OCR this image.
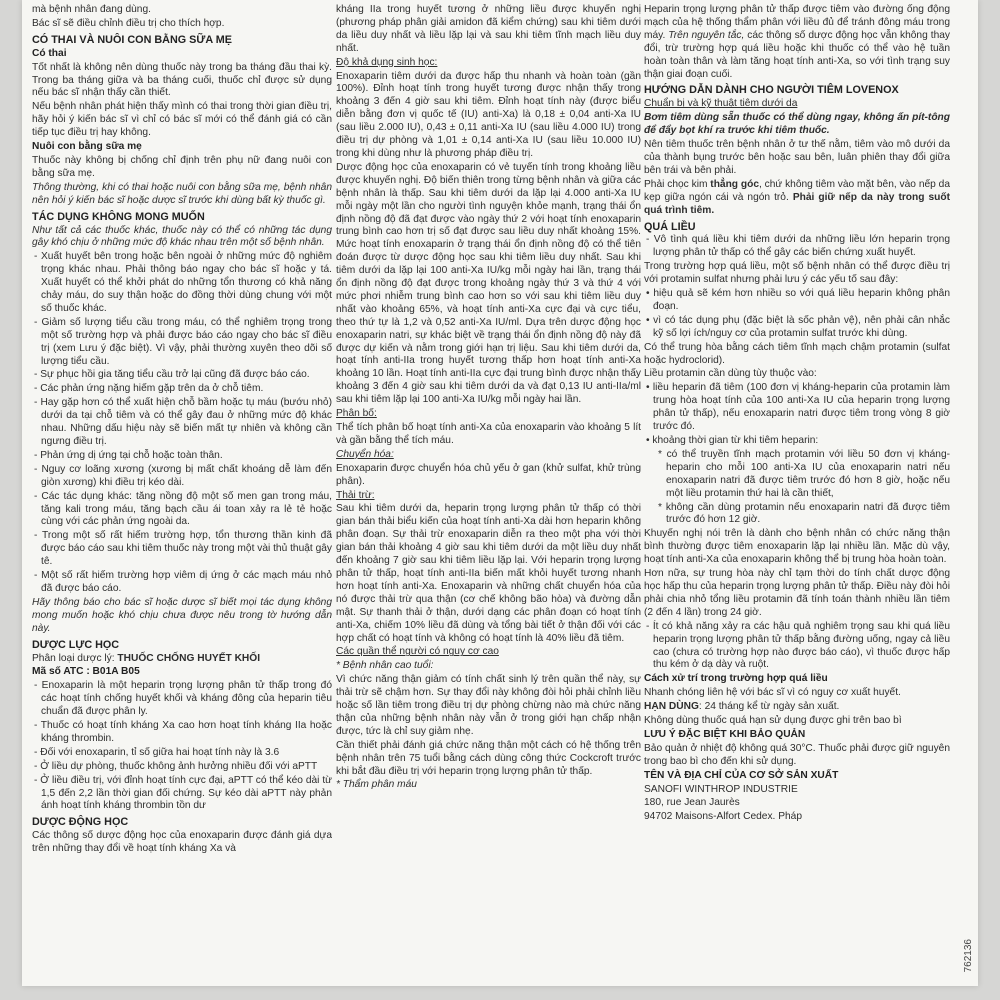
mà bệnh nhân đang dùng.
Bác sĩ sẽ điều chỉnh điều trị cho thích hợp.
CÓ THAI VÀ NUÔI CON BẰNG SỮA MẸ
Có thai
Tốt nhất là không nên dùng thuốc này trong ba tháng đầu thai kỳ. Trong ba tháng giữa và ba tháng cuối, thuốc chỉ được sử dụng nếu bác sĩ nhận thấy cần thiết.
Nếu bệnh nhân phát hiện thấy mình có thai trong thời gian điều trị, hãy hỏi ý kiến bác sĩ vì chỉ có bác sĩ mới có thể đánh giá có cần tiếp tục điều trị hay không.
Nuôi con bằng sữa mẹ
Thuốc này không bị chống chỉ định trên phụ nữ đang nuôi con bằng sữa mẹ.
Thông thường, khi có thai hoặc nuôi con bằng sữa mẹ, bệnh nhân nên hỏi ý kiến bác sĩ hoặc dược sĩ trước khi dùng bất kỳ thuốc gì.
TÁC DỤNG KHÔNG MONG MUỐN
Như tất cả các thuốc khác, thuốc này có thể có những tác dụng gây khó chịu ở những mức độ khác nhau trên một số bệnh nhân.
- Xuất huyết bên trong hoặc bên ngoài ở những mức độ nghiêm trọng khác nhau. Phải thông báo ngay cho bác sĩ hoặc y tá. Xuất huyết có thể khởi phát do những tổn thương có khả năng chảy máu, do suy thận hoặc do đồng thời dùng chung với một số thuốc khác.
- Giảm số lượng tiểu cầu trong máu, có thể nghiêm trọng trong một số trường hợp và phải được báo cáo ngay cho bác sĩ điều trị (xem Lưu ý đặc biệt). Vì vậy, phải thường xuyên theo dõi số lượng tiểu cầu.
- Sự phục hồi gia tăng tiểu cầu trở lại cũng đã được báo cáo.
- Các phản ứng nặng hiếm gặp trên da ở chỗ tiêm.
- Hay gặp hơn có thể xuất hiện chỗ bầm hoặc tụ máu (bướu nhỏ) dưới da tại chỗ tiêm và có thể gây đau ở những mức độ khác nhau. Những dấu hiệu này sẽ biến mất tự nhiên và không cần ngưng điều trị.
- Phản ứng dị ứng tại chỗ hoặc toàn thân.
- Nguy cơ loãng xương (xương bị mất chất khoáng dễ làm đến giòn xương) khi điều trị kéo dài.
- Các tác dụng khác: tăng nồng độ một số men gan trong máu, tăng kali trong máu, tăng bạch cầu ái toan xảy ra lẻ tẻ hoặc cùng với các phản ứng ngoài da.
- Trong một số rất hiếm trường hợp, tổn thương thần kinh đã được báo cáo sau khi tiêm thuốc này trong một vài thủ thuật gây tê.
- Một số rất hiếm trường hợp viêm dị ứng ở các mạch máu nhỏ đã được báo cáo.
Hãy thông báo cho bác sĩ hoặc dược sĩ biết mọi tác dụng không mong muốn hoặc khó chịu chưa được nêu trong tờ hướng dẫn này.
DƯỢC LỰC HỌC
Phân loại dược lý: THUỐC CHỐNG HUYẾT KHỐI
Mã số ATC : B01A B05
- Enoxaparin là một heparin trọng lượng phân tử thấp trong đó các hoạt tính chống huyết khối và kháng đông của heparin tiêu chuẩn đã được phân ly.
- Thuốc có hoạt tính kháng Xa cao hơn hoạt tính kháng IIa hoặc kháng thrombin.
- Đối với enoxaparin, tỉ số giữa hai hoạt tính này là 3.6
- Ở liều dự phòng, thuốc không ảnh hưởng nhiều đối với aPTT
- Ở liều điều trị, với đỉnh hoạt tính cực đại, aPTT có thể kéo dài từ 1,5 đến 2,2 lần thời gian đối chứng. Sự kéo dài aPTT này phản ánh hoạt tính kháng thrombin tồn dư
DƯỢC ĐỘNG HỌC
Các thông số dược động học của enoxaparin được đánh giá dựa trên những thay đổi về hoạt tính kháng Xa và
kháng IIa trong huyết tương ở những liều được khuyến nghị (phương pháp phân giải amidon đã kiểm chứng) sau khi tiêm dưới da liều duy nhất và liều lặp lại và sau khi tiêm tĩnh mạch liều duy nhất.
Độ khả dụng sinh học:
Enoxaparin tiêm dưới da được hấp thu nhanh và hoàn toàn (gần 100%). Đỉnh hoạt tính trong huyết tương được nhận thấy trong khoảng 3 đến 4 giờ sau khi tiêm. Đỉnh hoạt tính này (được biểu diễn bằng đơn vị quốc tế (IU) anti-Xa) là 0,18 ± 0,04 anti-Xa IU (sau liều 2.000 IU), 0,43 ± 0,11 anti-Xa IU (sau liều 4.000 IU) trong điều trị dự phòng và 1,01 ± 0,14 anti-Xa IU (sau liều 10.000 IU) trong khi dùng như là phương pháp điều trị.
Dược động học của enoxaparin có vẻ tuyến tính trong khoảng liều được khuyến nghị. Độ biến thiên trong từng bệnh nhân và giữa các bệnh nhân là thấp. Sau khi tiêm dưới da lặp lại 4.000 anti-Xa IU mỗi ngày một lần cho người tình nguyện khỏe mạnh, trạng thái ổn định nồng độ đã đạt được vào ngày thứ 2 với hoạt tính enoxaparin trung bình cao hơn trị số đạt được sau liều duy nhất khoảng 15%. Mức hoạt tính enoxaparin ở trạng thái ổn định nồng độ có thể tiên đoán được từ dược động học sau khi tiêm liều duy nhất. Sau khi tiêm dưới da lặp lại 100 anti-Xa IU/kg mỗi ngày hai lần, trạng thái ổn định nồng độ đạt được trong khoảng ngày thứ 3 và thứ 4 với mức phơi nhiễm trung bình cao hơn so với sau khi tiêm liều duy nhất vào khoảng 65%, và hoạt tính anti-Xa cực đại và cực tiểu, theo thứ tự là 1,2 và 0,52 anti-Xa IU/ml. Dựa trên dược động học enoxaparin natri, sự khác biệt về trạng thái ổn định nồng độ này đã được dự kiến và nằm trong giới hạn trị liệu. Sau khi tiêm dưới da, hoạt tính anti-IIa trong huyết tương thấp hơn hoạt tính anti-Xa khoảng 10 lần. Hoạt tính anti-IIa cực đại trung bình được nhận thấy khoảng 3 đến 4 giờ sau khi tiêm dưới da và đạt 0,13 IU anti-IIa/ml sau khi tiêm lặp lại 100 anti-Xa IU/kg mỗi ngày hai lần.
Phân bố:
Thể tích phân bố hoạt tính anti-Xa của enoxaparin vào khoảng 5 lít và gần bằng thể tích máu.
Chuyển hóa:
Enoxaparin được chuyển hóa chủ yếu ở gan (khử sulfat, khử trùng phân).
Thải trừ:
Sau khi tiêm dưới da, heparin trọng lượng phân tử thấp có thời gian bán thải biểu kiến của hoạt tính anti-Xa dài hơn heparin không phân đoạn. Sự thải trừ enoxaparin diễn ra theo một pha với thời gian bán thải khoảng 4 giờ sau khi tiêm dưới da một liều duy nhất đến khoảng 7 giờ sau khi tiêm liều lặp lại. Với heparin trọng lượng phân tử thấp, hoạt tính anti-IIa biến mất khỏi huyết tương nhanh hơn hoạt tính anti-Xa. Enoxaparin và những chất chuyển hóa của nó được thải trừ qua thận (cơ chế không bão hòa) và đường dẫn mật. Sự thanh thải ở thận, dưới dạng các phân đoạn có hoạt tính anti-Xa, chiếm 10% liều đã dùng và tổng bài tiết ở thận đối với các hợp chất có hoạt tính và không có hoạt tính là 40% liều đã tiêm.
Các quần thể người có nguy cơ cao
* Bệnh nhân cao tuổi:
Vì chức năng thận giảm có tính chất sinh lý trên quần thể này, sự thải trừ sẽ chậm hơn. Sự thay đổi này không đòi hỏi phải chỉnh liều hoặc số lần tiêm trong điều trị dự phòng chừng nào mà chức năng thận của những bệnh nhân này vẫn ở trong giới hạn chấp nhận được, tức là chỉ suy giảm nhẹ.
Cần thiết phải đánh giá chức năng thận một cách có hệ thống trên bệnh nhân trên 75 tuổi bằng cách dùng công thức Cockcroft trước khi bắt đầu điều trị với heparin trọng lượng phân tử thấp.
* Thẩm phân máu
Heparin trọng lượng phân tử thấp được tiêm vào đường ống động mạch của hệ thống thẩm phân với liều đủ để tránh đông máu trong máy. Trên nguyên tắc, các thông số dược động học vẫn không thay đổi, trừ trường hợp quá liều hoặc khi thuốc có thể vào hệ tuần hoàn toàn thân và làm tăng hoạt tính anti-Xa, so với tình trạng suy thận giai đoạn cuối.
HƯỚNG DẪN DÀNH CHO NGƯỜI TIÊM LOVENOX
Chuẩn bị và kỹ thuật tiêm dưới da
Bơm tiêm dùng sẵn thuốc có thể dùng ngay, không ấn pít-tông để đẩy bọt khí ra trước khi tiêm thuốc.
Nên tiêm thuốc trên bệnh nhân ở tư thế nằm, tiêm vào mô dưới da của thành bụng trước bên hoặc sau bên, luân phiên thay đổi giữa bên trái và bên phải.
Phải chọc kim thẳng góc, chứ không tiêm vào mặt bên, vào nếp da kẹp giữa ngón cái và ngón trỏ. Phải giữ nếp da này trong suốt quá trình tiêm.
QUÁ LIỀU
- Vô tình quá liều khi tiêm dưới da những liều lớn heparin trọng lượng phân tử thấp có thể gây các biến chứng xuất huyết.
Trong trường hợp quá liều, một số bệnh nhân có thể được điều trị với protamin sulfat nhưng phải lưu ý các yếu tố sau đây:
• hiệu quả sẽ kém hơn nhiều so với quá liều heparin không phân đoạn.
• vì có tác dụng phụ (đặc biệt là sốc phản vệ), nên phải cân nhắc kỹ số lợi ích/nguy cơ của protamin sulfat trước khi dùng.
Có thể trung hòa bằng cách tiêm tĩnh mạch chậm protamin (sulfat hoặc hydroclorid).
Liều protamin cần dùng tùy thuộc vào:
• liều heparin đã tiêm (100 đơn vị kháng-heparin của protamin làm trung hòa hoạt tính của 100 anti-Xa IU của heparin trọng lượng phân tử thấp), nếu enoxaparin natri được tiêm trong vòng 8 giờ trước đó.
• khoảng thời gian từ khi tiêm heparin:
* có thể truyền tĩnh mạch protamin với liều 50 đơn vị kháng-heparin cho mỗi 100 anti-Xa IU của enoxaparin natri nếu enoxaparin natri đã được tiêm trước đó hơn 8 giờ, hoặc nếu một liều protamin thứ hai là cần thiết,
* không cần dùng protamin nếu enoxaparin natri đã được tiêm trước đó hơn 12 giờ.
Khuyến nghị nói trên là dành cho bệnh nhân có chức năng thận bình thường được tiêm enoxaparin lặp lại nhiều lần. Mặc dù vậy, hoạt tính anti-Xa của enoxaparin không thể bị trung hòa hoàn toàn.
Hơn nữa, sự trung hòa này chỉ tạm thời do tính chất dược động học hấp thu của heparin trọng lượng phân tử thấp. Điều này đòi hỏi phải chia nhỏ tổng liều protamin đã tính toán thành nhiều lần tiêm (2 đến 4 lần) trong 24 giờ.
- Ít có khả năng xảy ra các hậu quả nghiêm trọng sau khi quá liều heparin trọng lượng phân tử thấp bằng đường uống, ngay cả liều cao (chưa có trường hợp nào được báo cáo), vì thuốc được hấp thu kém ở dạ dày và ruột.
Cách xử trí trong trường hợp quá liều
Nhanh chóng liên hệ với bác sĩ vì có nguy cơ xuất huyết.
HẠN DÙNG: 24 tháng kể từ ngày sản xuất.
Không dùng thuốc quá hạn sử dụng được ghi trên bao bì
LƯU Ý ĐẶC BIỆT KHI BẢO QUẢN
Bảo quản ở nhiệt độ không quá 30°C. Thuốc phải được giữ nguyên trong bao bì cho đến khi sử dụng.
TÊN VÀ ĐỊA CHỈ CỦA CƠ SỞ SẢN XUẤT
SANOFI WINTHROP INDUSTRIE
180, rue Jean Jaurès
94702 Maisons-Alfort Cedex. Pháp
762136
